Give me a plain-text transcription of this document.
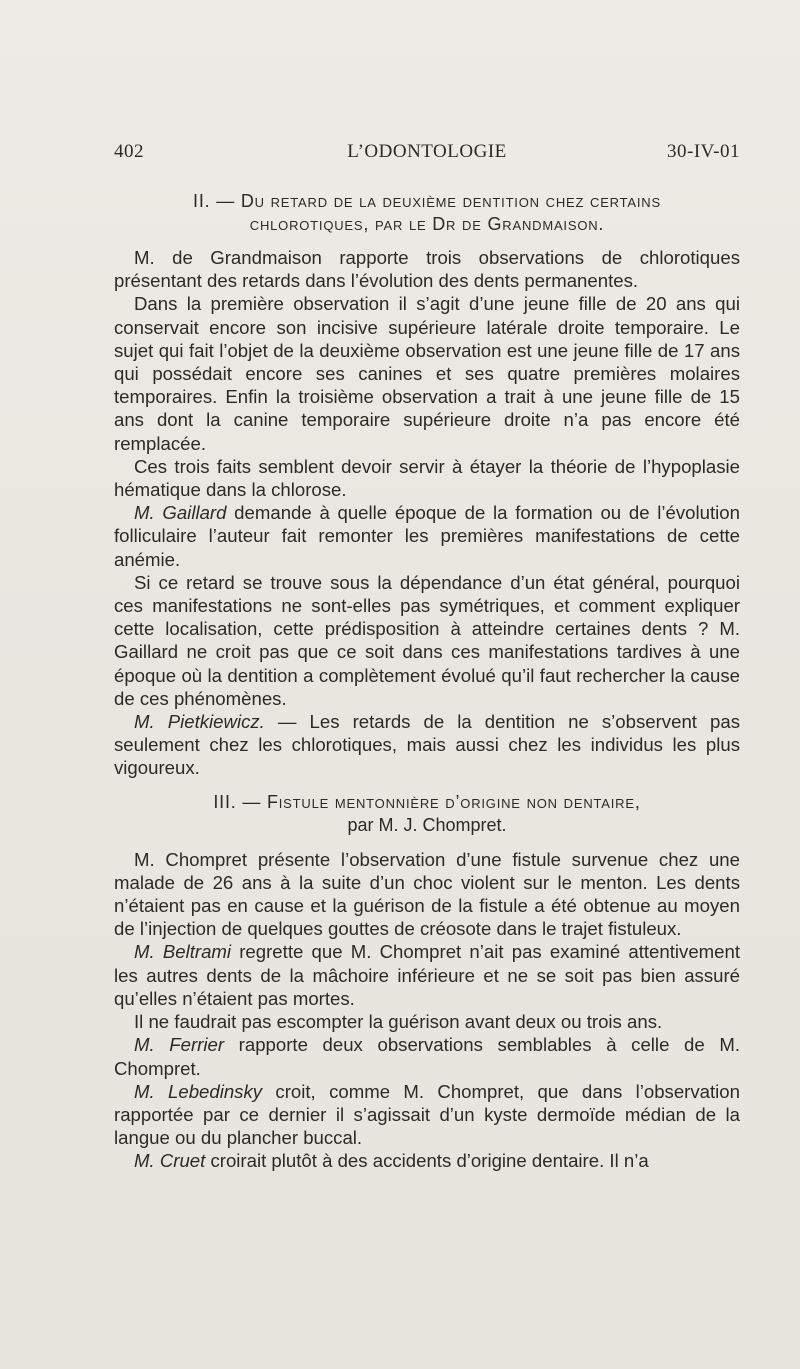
402	L’ODONTOLOGIE	30-IV-01
II. — Du retard de la deuxième dentition chez certains
chlorotiques, par le Dr de Grandmaison.

M. de Grandmaison rapporte trois observations de chlorotiques présentant des retards dans l’évolution des dents permanentes.

Dans la première observation il s’agit d’une jeune fille de 20 ans qui conservait encore son incisive supérieure latérale droite temporaire. Le sujet qui fait l’objet de la deuxième observation est une jeune fille de 17 ans qui possédait encore ses canines et ses quatre premières molaires temporaires. Enfin la troisième observation a trait à une jeune fille de 15 ans dont la canine temporaire supérieure droite n’a pas encore été remplacée.

Ces trois faits semblent devoir servir à étayer la théorie de l’hypoplasie hématique dans la chlorose.

M. Gaillard demande à quelle époque de la formation ou de l’évolution folliculaire l’auteur fait remonter les premières manifestations de cette anémie.

Si ce retard se trouve sous la dépendance d’un état général, pourquoi ces manifestations ne sont-elles pas symétriques, et comment expliquer cette localisation, cette prédisposition à atteindre certaines dents ? M. Gaillard ne croit pas que ce soit dans ces manifestations tardives à une époque où la dentition a complètement évolué qu’il faut rechercher la cause de ces phénomènes.

M. Pietkiewicz. — Les retards de la dentition ne s’observent pas seulement chez les chlorotiques, mais aussi chez les individus les plus vigoureux.

III. — Fistule mentonnière d’origine non dentaire,
par M. J. Chompret.

M. Chompret présente l’observation d’une fistule survenue chez une malade de 26 ans à la suite d’un choc violent sur le menton. Les dents n’étaient pas en cause et la guérison de la fistule a été obtenue au moyen de l’injection de quelques gouttes de créosote dans le trajet fistuleux.

M. Beltrami regrette que M. Chompret n’ait pas examiné attentivement les autres dents de la mâchoire inférieure et ne se soit pas bien assuré qu’elles n’étaient pas mortes.

Il ne faudrait pas escompter la guérison avant deux ou trois ans.

M. Ferrier rapporte deux observations semblables à celle de M. Chompret.

M. Lebedinsky croit, comme M. Chompret, que dans l’observation rapportée par ce dernier il s’agissait d’un kyste dermoïde médian de la langue ou du plancher buccal.

M. Cruet croirait plutôt à des accidents d’origine dentaire. Il n’a
